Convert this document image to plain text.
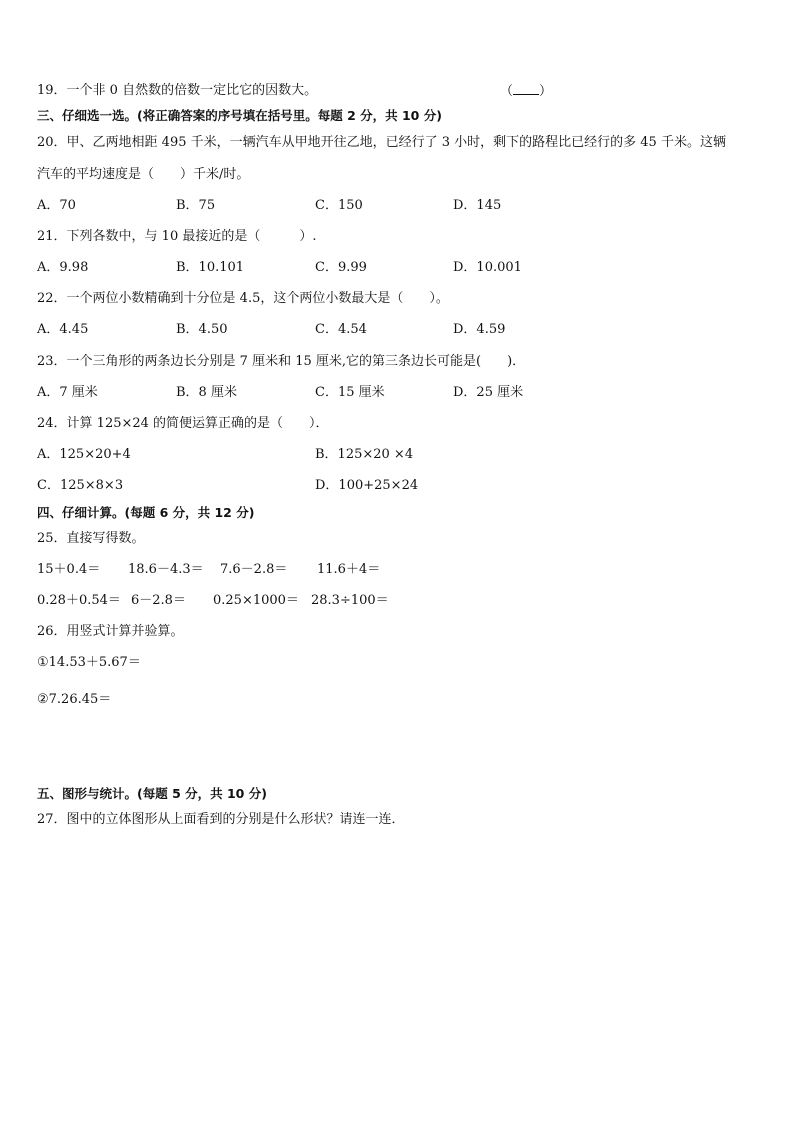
19．一个非 0 自然数的倍数一定比它的因数大。	（ ）
三、仔细选一选。(将正确答案的序号填在括号里。每题 2 分，共 10 分)
20．甲、乙两地相距 495 千米，一辆汽车从甲地开往乙地，已经行了 3 小时，剩下的路程比已经行的多 45 千米。这辆
汽车的平均速度是（　　）千米/时。
A．70	B．75	C．150	D．145
21．下列各数中，与 10 最接近的是（　　　）.
A．9.98	B．10.101	C．9.99	D．10.001
22．一个两位小数精确到十分位是 4.5，这个两位小数最大是（　　）。
A．4.45	B．4.50	C．4.54	D．4.59
23．一个三角形的两条边长分别是 7 厘米和 15 厘米,它的第三条边长可能是(　　)．
A．7 厘米	B．8 厘米	C．15 厘米	D．25 厘米
24．计算 125×24 的简便运算正确的是（　　）．
A．125×20+4	B．125×20 ×4
C．125×8×3	D．100+25×24
四、仔细计算。(每题 6 分，共 12 分)
25．直接写得数。
15＋0.4＝ 18.6－4.3＝ 7.6－2.8＝ 11.6＋4＝
0.28＋0.54＝ 6－2.8＝ 0.25×1000＝ 28.3÷100＝
26．用竖式计算并验算。
①14.53＋5.67＝
②7.26.45＝
五、图形与统计。(每题 5 分，共 10 分)
27．图中的立体图形从上面看到的分别是什么形状？请连一连．
